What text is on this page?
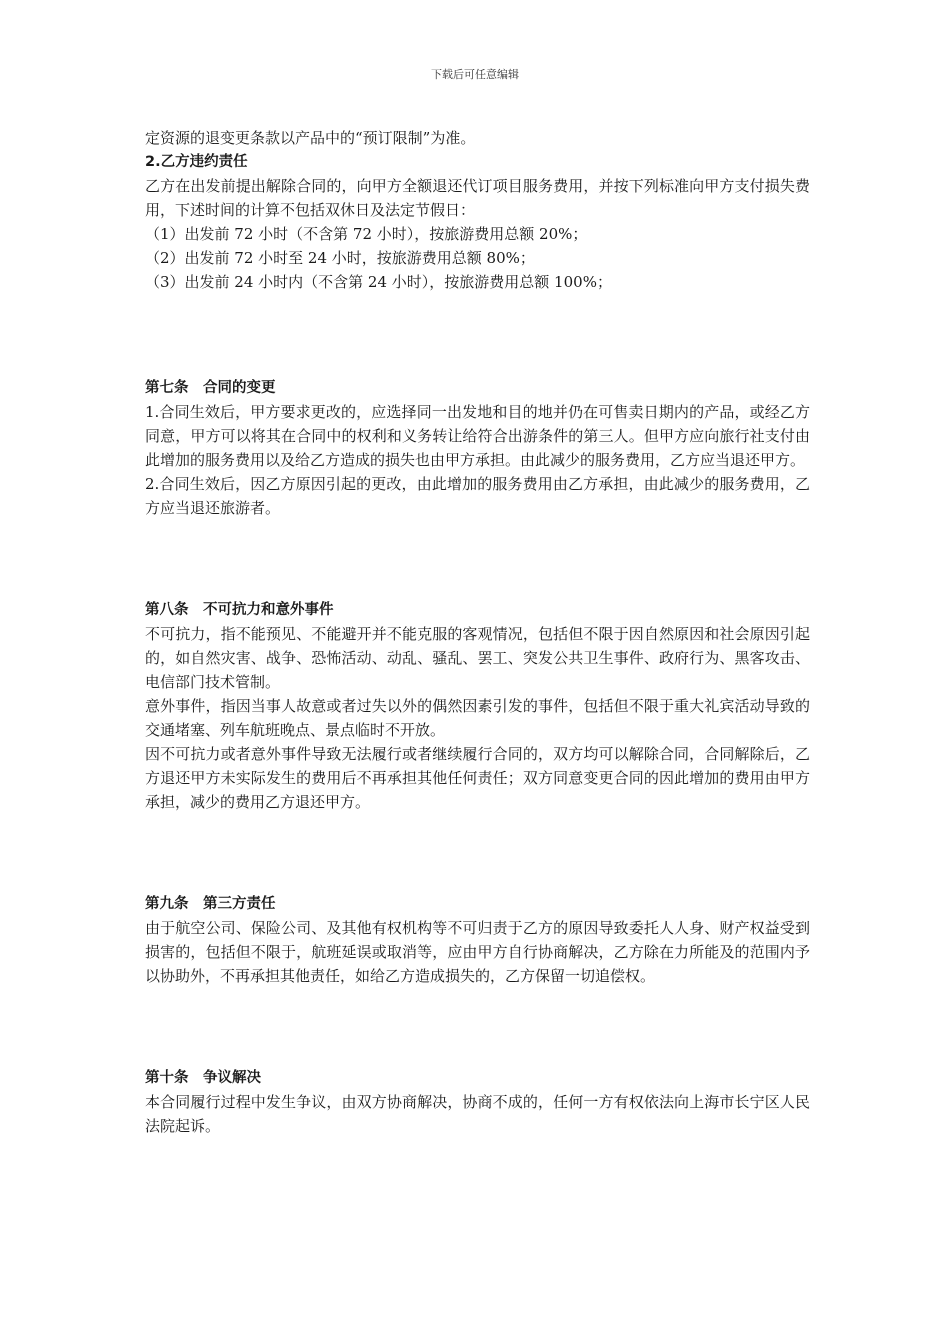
下载后可任意编辑

定资源的退变更条款以产品中的“预订限制”为准。

2.乙方违约责任

乙方在出发前提出解除合同的，向甲方全额退还代订项目服务费用，并按下列标准向甲方支付损失费用，下述时间的计算不包括双休日及法定节假日：

（1）出发前 72 小时（不含第 72 小时），按旅游费用总额 20%；

（2）出发前 72 小时至 24 小时，按旅游费用总额 80%；

（3）出发前 24 小时内（不含第 24 小时），按旅游费用总额 100%；

第七条　合同的变更

1.合同生效后，甲方要求更改的，应选择同一出发地和目的地并仍在可售卖日期内的产品，或经乙方同意，甲方可以将其在合同中的权利和义务转让给符合出游条件的第三人。但甲方应向旅行社支付由此增加的服务费用以及给乙方造成的损失也由甲方承担。由此减少的服务费用，乙方应当退还甲方。

2.合同生效后，因乙方原因引起的更改，由此增加的服务费用由乙方承担，由此减少的服务费用，乙方应当退还旅游者。

第八条　不可抗力和意外事件

不可抗力，指不能预见、不能避开并不能克服的客观情况，包括但不限于因自然原因和社会原因引起的，如自然灾害、战争、恐怖活动、动乱、骚乱、罢工、突发公共卫生事件、政府行为、黑客攻击、电信部门技术管制。

意外事件，指因当事人故意或者过失以外的偶然因素引发的事件，包括但不限于重大礼宾活动导致的交通堵塞、列车航班晚点、景点临时不开放。

因不可抗力或者意外事件导致无法履行或者继续履行合同的，双方均可以解除合同，合同解除后，乙方退还甲方未实际发生的费用后不再承担其他任何责任；双方同意变更合同的因此增加的费用由甲方承担，减少的费用乙方退还甲方。

第九条　第三方责任

由于航空公司、保险公司、及其他有权机构等不可归责于乙方的原因导致委托人人身、财产权益受到损害的，包括但不限于，航班延误或取消等，应由甲方自行协商解决，乙方除在力所能及的范围内予以协助外，不再承担其他责任，如给乙方造成损失的，乙方保留一切追偿权。

第十条　争议解决

本合同履行过程中发生争议，由双方协商解决，协商不成的，任何一方有权依法向上海市长宁区人民法院起诉。
